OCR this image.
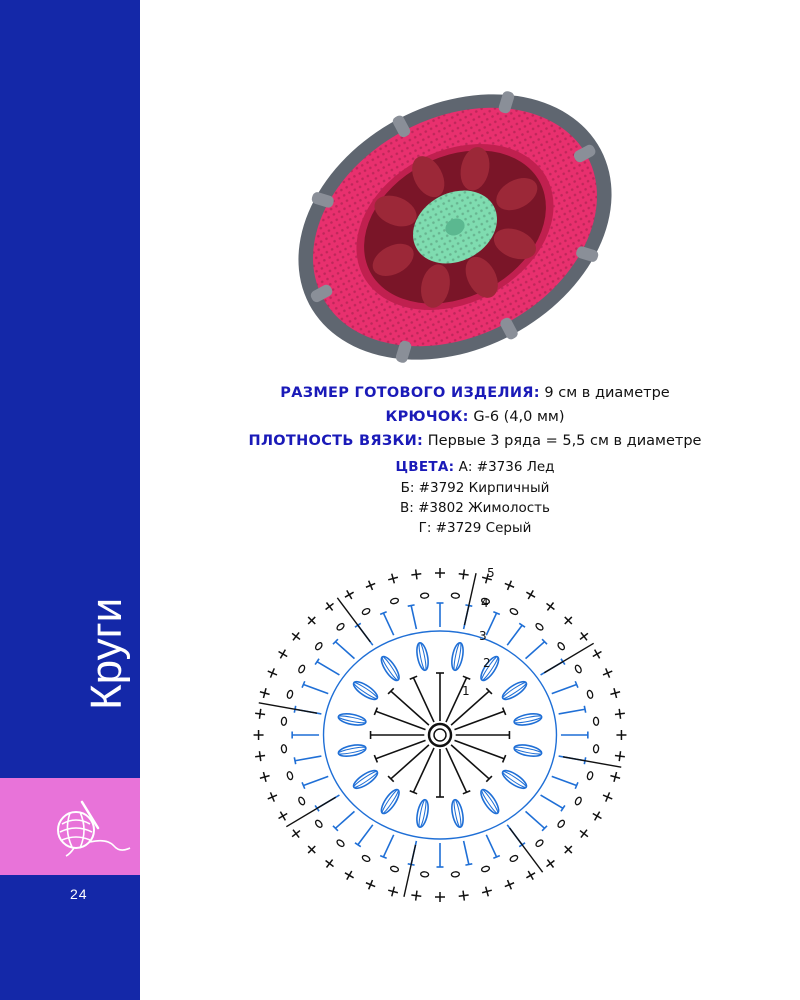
Круги
24
РАЗМЕР ГОТОВОГО ИЗДЕЛИЯ: 9 см в диаметре
КРЮЧОК: G-6 (4,0 мм)
ПЛОТНОСТЬ ВЯЗКИ: Первые 3 ряда = 5,5 см в диаметре
ЦВЕТА: А: #3736 Лед
Б: #3792 Кирпичный
В: #3802 Жимолость
Г: #3729 Серый
1
2
3
4
5
